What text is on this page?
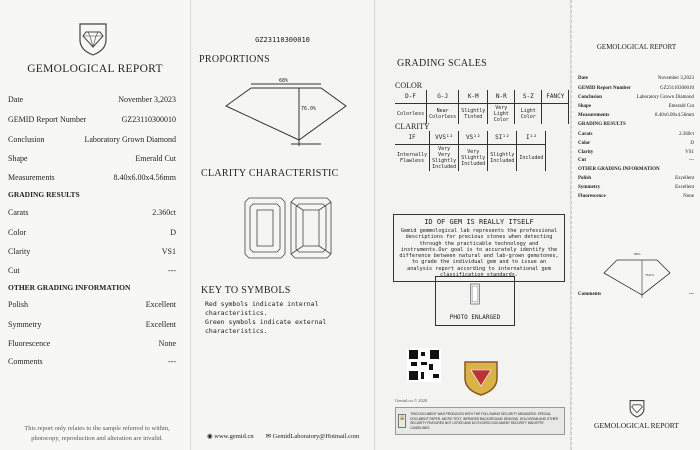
GEMOLOGICAL REPORT
Date	November 3,2023
GEMID Report Number	GZ23110300010
Conclusion	Laboratory Grown Diamond
Shape	Emerald Cut
Measurements	8.40x6.00x4.56mm
GRADING RESULTS
Carats	2.360ct
Color	D
Clarity	VS1
Cut	---
OTHER GRADING INFORMATION
Polish	Excellent
Symmetry	Excellent
Fluorescence	None
Comments	---
This report only relates to the sample referred to within, photocopy, reproduction and alteration are invalid.
GZ23110300010
PROPORTIONS
68%
76.0%
CLARITY CHARACTERISTIC
KEY TO SYMBOLS
Red symbols indicate internal characteristics.
Green symbols indicate external characteristics.
◉ www.gemid.cn ✉ GemidLaboratory@Hotmail.com
GRADING SCALES
COLOR
D-F	G-J	K-M	N-R	S-Z	FANCY
Colorless	Near Colorless	Slightly Tinted	Very Light Color	Light Color	
CLARITY
IF	VVS¹²	VS¹²	SI¹²	I¹²
Internally Flawless	Very Very Slightly Included	Very Slightly Included	Slightly Included	Included
ID OF GEM IS REALLY ITSELF
Gemid gemmological lab represents the professional descriptions for precious stones when detecting through the practicable technology and instruments.Our goal is to accurately identify the difference between natural and lab-grown gemstones, to grade the individual gem and to issue an analysis report according to international gem classification standards.
PHOTO ENLARGED
Gemid.cn © 2020
🔒
THIS DOCUMENT WAS PRODUCED WITH THE FOLLOWING SECURITY MEASURES: SPECIAL DOCUMENT PAPER, MICRO TEXT, INFRARED BACKGROUND DESIGNS, HOLOGRAM AND OTHER SECURITY FEATURES NOT LISTED AND DO EXCEED DOCUMENT SECURITY INDUSTRY GUIDELINES
GEMOLOGICAL REPORT
Date	November 3,2023
GEMID Report Number	GZ23110300010
Conclusion	Laboratory Grown Diamond
Shape	Emerald Cut
Measurements	8.40x6.00x4.56mm
GRADING RESULTS
Carats	2.360ct
Color	D
Clarity	VS1
Cut	---
OTHER GRADING INFORMATION
Polish	Excellent
Symmetry	Excellent
Fluorescence	None
68%
76.0%
Comments	---
GEMOLOGICAL REPORT
